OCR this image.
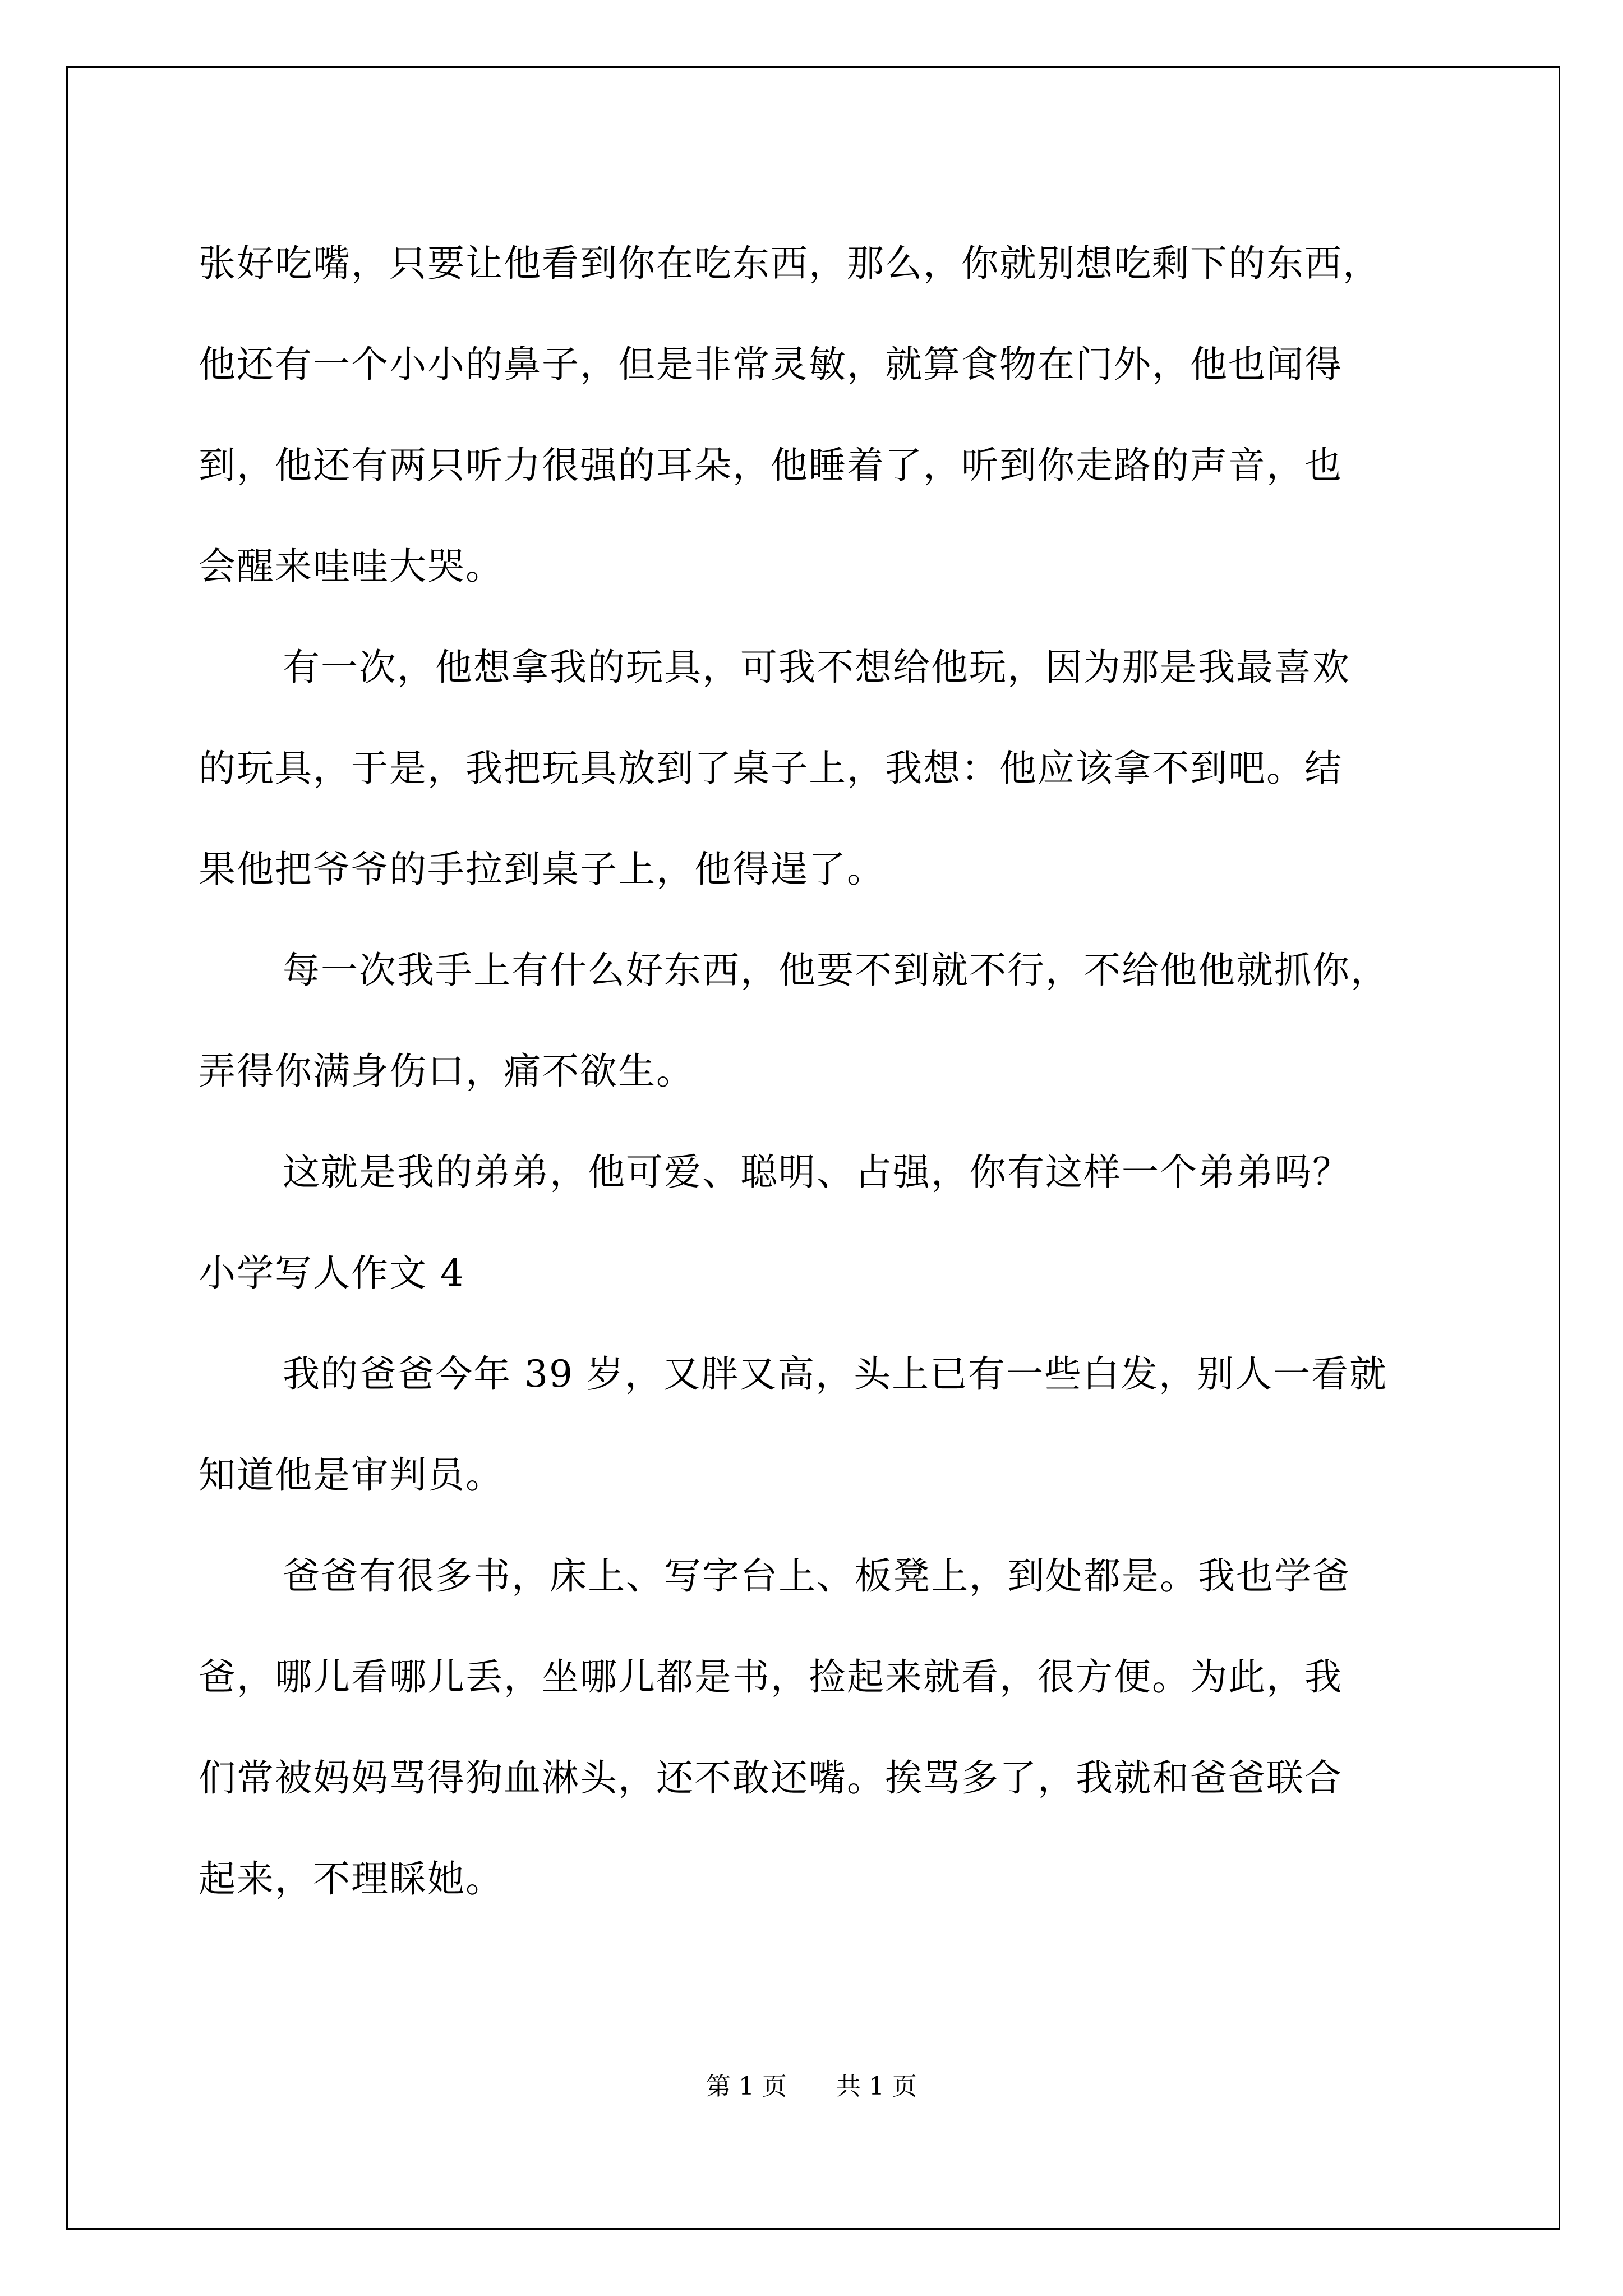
张好吃嘴，只要让他看到你在吃东西，那么，你就别想吃剩下的东西，
他还有一个小小的鼻子，但是非常灵敏，就算食物在门外，他也闻得
到，他还有两只听力很强的耳朵，他睡着了，听到你走路的声音，也
会醒来哇哇大哭。
有一次，他想拿我的玩具，可我不想给他玩，因为那是我最喜欢
的玩具，于是，我把玩具放到了桌子上，我想：他应该拿不到吧。结
果他把爷爷的手拉到桌子上，他得逞了。
每一次我手上有什么好东西，他要不到就不行，不给他他就抓你，
弄得你满身伤口，痛不欲生。
这就是我的弟弟，他可爱、聪明、占强，你有这样一个弟弟吗？
小学写人作文 4
我的爸爸今年 39 岁，又胖又高，头上已有一些白发，别人一看就
知道他是审判员。
爸爸有很多书，床上、写字台上、板凳上，到处都是。我也学爸
爸，哪儿看哪儿丢，坐哪儿都是书，捡起来就看，很方便。为此，我
们常被妈妈骂得狗血淋头，还不敢还嘴。挨骂多了，我就和爸爸联合
起来，不理睬她。
第 1 页 共 1 页
